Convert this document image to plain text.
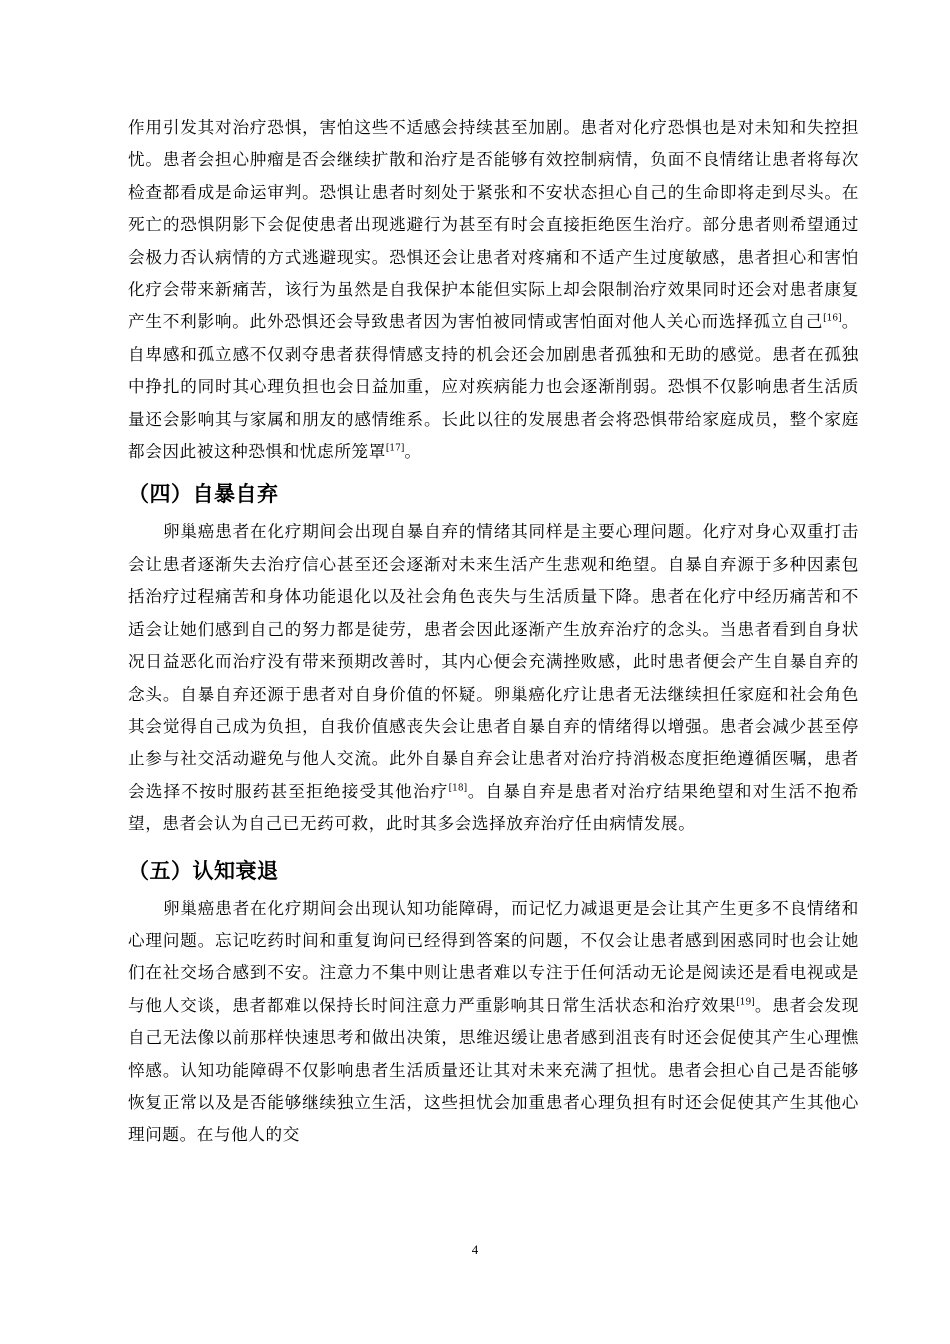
作用引发其对治疗恐惧，害怕这些不适感会持续甚至加剧。患者对化疗恐惧也是对未知和失控担忧。患者会担心肿瘤是否会继续扩散和治疗是否能够有效控制病情，负面不良情绪让患者将每次检查都看成是命运审判。恐惧让患者时刻处于紧张和不安状态担心自己的生命即将走到尽头。在死亡的恐惧阴影下会促使患者出现逃避行为甚至有时会直接拒绝医生治疗。部分患者则希望通过会极力否认病情的方式逃避现实。恐惧还会让患者对疼痛和不适产生过度敏感，患者担心和害怕化疗会带来新痛苦，该行为虽然是自我保护本能但实际上却会限制治疗效果同时还会对患者康复产生不利影响。此外恐惧还会导致患者因为害怕被同情或害怕面对他人关心而选择孤立自己[16]。自卑感和孤立感不仅剥夺患者获得情感支持的机会还会加剧患者孤独和无助的感觉。患者在孤独中挣扎的同时其心理负担也会日益加重，应对疾病能力也会逐渐削弱。恐惧不仅影响患者生活质量还会影响其与家属和朋友的感情维系。长此以往的发展患者会将恐惧带给家庭成员，整个家庭都会因此被这种恐惧和忧虑所笼罩[17]。

（四）自暴自弃

卵巢癌患者在化疗期间会出现自暴自弃的情绪其同样是主要心理问题。化疗对身心双重打击会让患者逐渐失去治疗信心甚至还会逐渐对未来生活产生悲观和绝望。自暴自弃源于多种因素包括治疗过程痛苦和身体功能退化以及社会角色丧失与生活质量下降。患者在化疗中经历痛苦和不适会让她们感到自己的努力都是徒劳，患者会因此逐渐产生放弃治疗的念头。当患者看到自身状况日益恶化而治疗没有带来预期改善时，其内心便会充满挫败感，此时患者便会产生自暴自弃的念头。自暴自弃还源于患者对自身价值的怀疑。卵巢癌化疗让患者无法继续担任家庭和社会角色其会觉得自己成为负担，自我价值感丧失会让患者自暴自弃的情绪得以增强。患者会减少甚至停止参与社交活动避免与他人交流。此外自暴自弃会让患者对治疗持消极态度拒绝遵循医嘱，患者会选择不按时服药甚至拒绝接受其他治疗[18]。自暴自弃是患者对治疗结果绝望和对生活不抱希望，患者会认为自己已无药可救，此时其多会选择放弃治疗任由病情发展。

（五）认知衰退

卵巢癌患者在化疗期间会出现认知功能障碍，而记忆力减退更是会让其产生更多不良情绪和心理问题。忘记吃药时间和重复询问已经得到答案的问题，不仅会让患者感到困惑同时也会让她们在社交场合感到不安。注意力不集中则让患者难以专注于任何活动无论是阅读还是看电视或是与他人交谈，患者都难以保持长时间注意力严重影响其日常生活状态和治疗效果[19]。患者会发现自己无法像以前那样快速思考和做出决策，思维迟缓让患者感到沮丧有时还会促使其产生心理憔悴感。认知功能障碍不仅影响患者生活质量还让其对未来充满了担忧。患者会担心自己是否能够恢复正常以及是否能够继续独立生活，这些担忧会加重患者心理负担有时还会促使其产生其他心理问题。在与他人的交

4
